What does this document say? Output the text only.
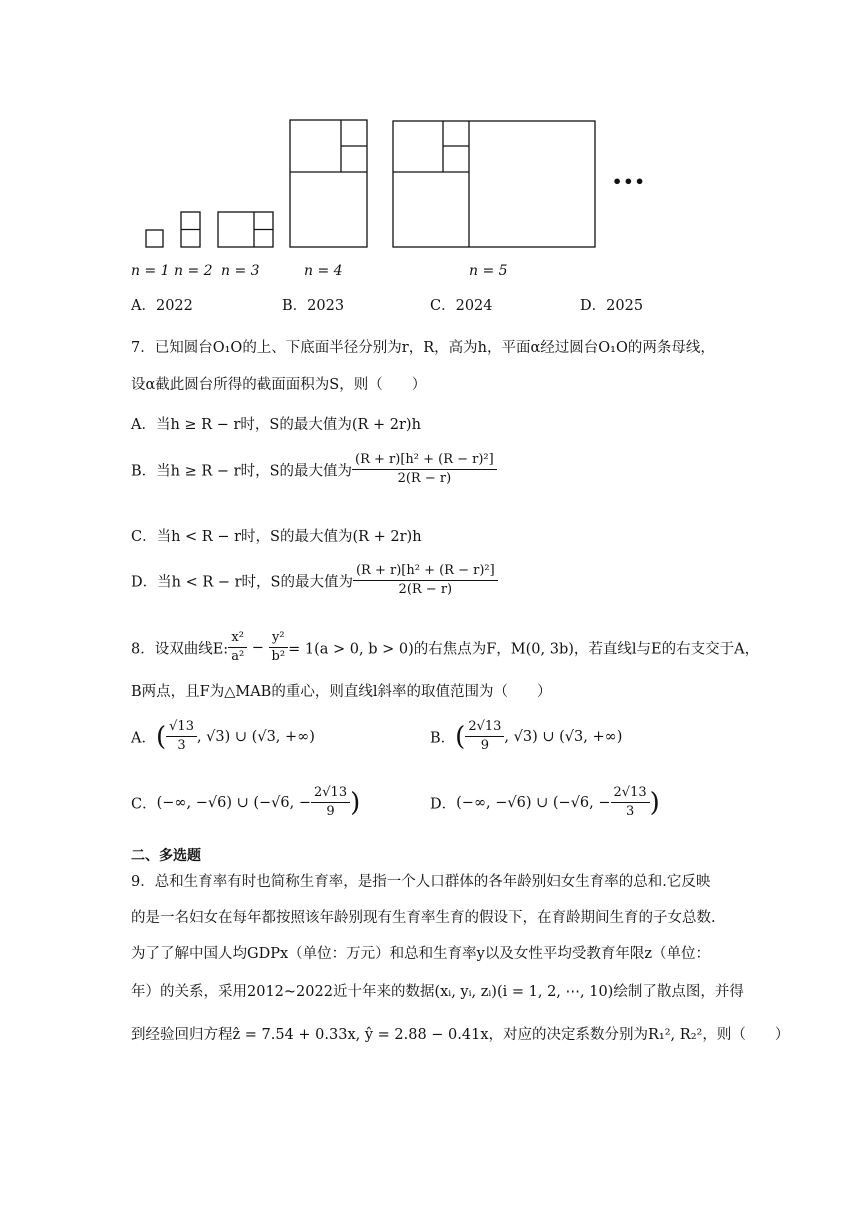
•••
n = 1 n = 2 n = 3	n = 4	n = 5
A．2022	B．2023	C．2024	D．2025
7．已知圆台O₁O的上、下底面半径分别为r，R，高为h，平面α经过圆台O₁O的两条母线，
设α截此圆台所得的截面面积为S，则（　　）
A．当h ≥ R − r时，S的最大值为(R + 2r)h
B．当h ≥ R − r时，S的最大值为 $\frac{\text{(R + r)[h² + (R − r)²]}}{2(R - r)}$
C．当h < R − r时，S的最大值为(R + 2r)h
D．当h < R − r时，S的最大值为 $\frac{\text{(R + r)[h² + (R − r)²]}}{2(R - r)}$
8．设双曲线E: $\frac{\text{x²}}{\text{a²}} - \frac{\text{y²}}{\text{b²}} = 1(a > 0$, b > 0)的右焦点为F，M(0, 3b)，若直线l与E的右支交于A，
B两点，且F为△MAB的重心，则直线l斜率的取值范围为（　　）
A．( $\frac{√13}{3}$ , √3) ∪ (√3, +∞)	B．( $\frac{2√13}{9}$ , √3) ∪ (√3, +∞)
C．(−∞, −√6) ∪ (−√6, − $\frac{2√13}{9}$ )	D．(−∞, −√6) ∪ (−√6, − $\frac{2√13}{3}$ )
二、多选题
9．总和生育率有时也简称生育率，是指一个人口群体的各年龄别妇女生育率的总和.它反映
的是一名妇女在每年都按照该年龄别现有生育率生育的假设下，在育龄期间生育的子女总数.
为了了解中国人均GDPx（单位：万元）和总和生育率y以及女性平均受教育年限z（单位：
年）的关系，采用2012~2022近十年来的数据(xᵢ, yᵢ, zᵢ)(i = 1, 2, ⋯, 10)绘制了散点图，并得
到经验回归方程ẑ = 7.54 + 0.33x, ŷ = 2.88 − 0.41x，对应的决定系数分别为R₁², R₂²，则（　　）
